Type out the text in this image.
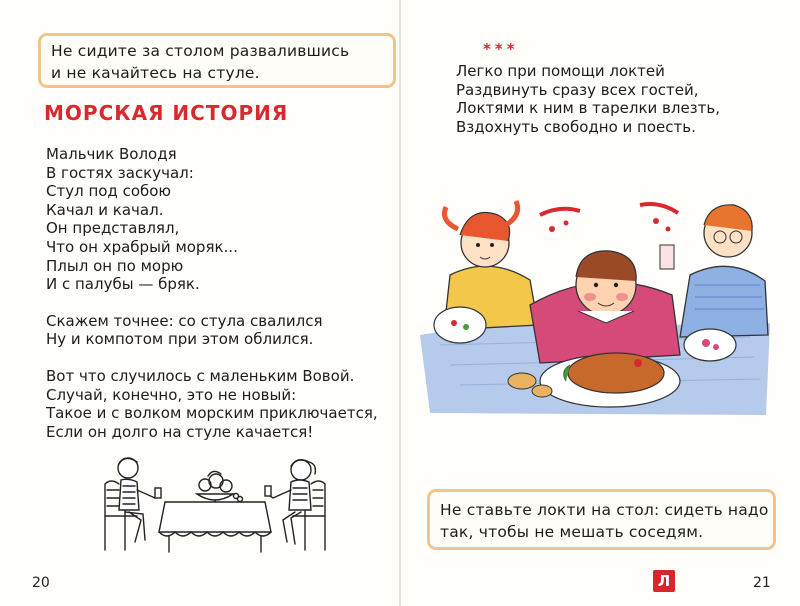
Не сидите за столом развалившись
и не качайтесь на стуле.
МОРСКАЯ ИСТОРИЯ
Мальчик Володя
В гостях заскучал:
Стул под собою
Качал и качал.
Он представлял,
Что он храбрый моряк...
Плыл он по морю
И с палубы — бряк.
Скажем точнее: со стула свалился
Ну и компотом при этом облился.
Вот что случилось с маленьким Вовой.
Случай, конечно, это не новый:
Такое и с волком морским приключается,
Если он долго на стуле качается!
20
***
Легко при помощи локтей
Раздвинуть сразу всех гостей,
Локтями к ним в тарелки влезть,
Вздохнуть свободно и поесть.
Не ставьте локти на стол: сидеть надо
так, чтобы не мешать соседям.
Л	21
